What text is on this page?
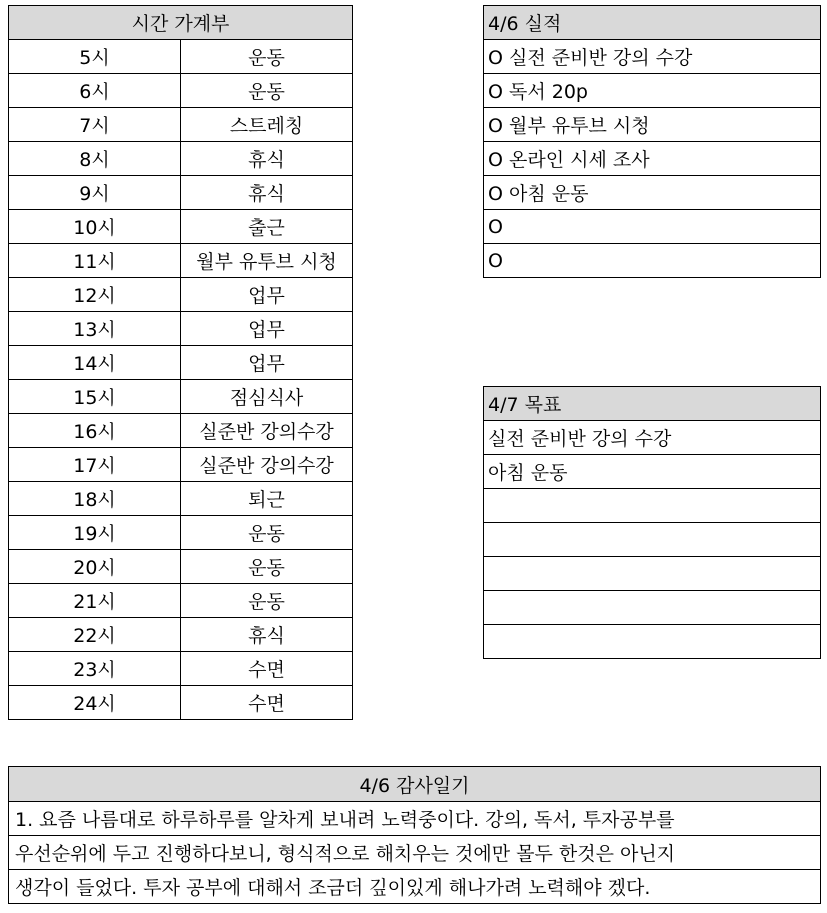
시간 가계부	
5시	운동
6시	운동
7시	스트레칭
8시	휴식
9시	휴식
10시	출근
11시	월부 유투브 시청
12시	업무
13시	업무
14시	업무
15시	점심식사
16시	실준반 강의수강
17시	실준반 강의수강
18시	퇴근
19시	운동
20시	운동
21시	운동
22시	휴식
23시	수면
24시	수면
4/6 실적
O 실전 준비반 강의 수강
O 독서 20p
O 월부 유투브 시청
O 온라인 시세 조사
O 아침 운동
O
O
4/7 목표
실전 준비반 강의 수강
아침 운동

4/6 감사일기
1. 요즘 나름대로 하루하루를 알차게 보내려 노력중이다. 강의, 독서, 투자공부를
우선순위에 두고 진행하다보니, 형식적으로 해치우는 것에만 몰두 한것은 아닌지
생각이 들었다. 투자 공부에 대해서 조금더 깊이있게 해나가려 노력해야 겠다.
